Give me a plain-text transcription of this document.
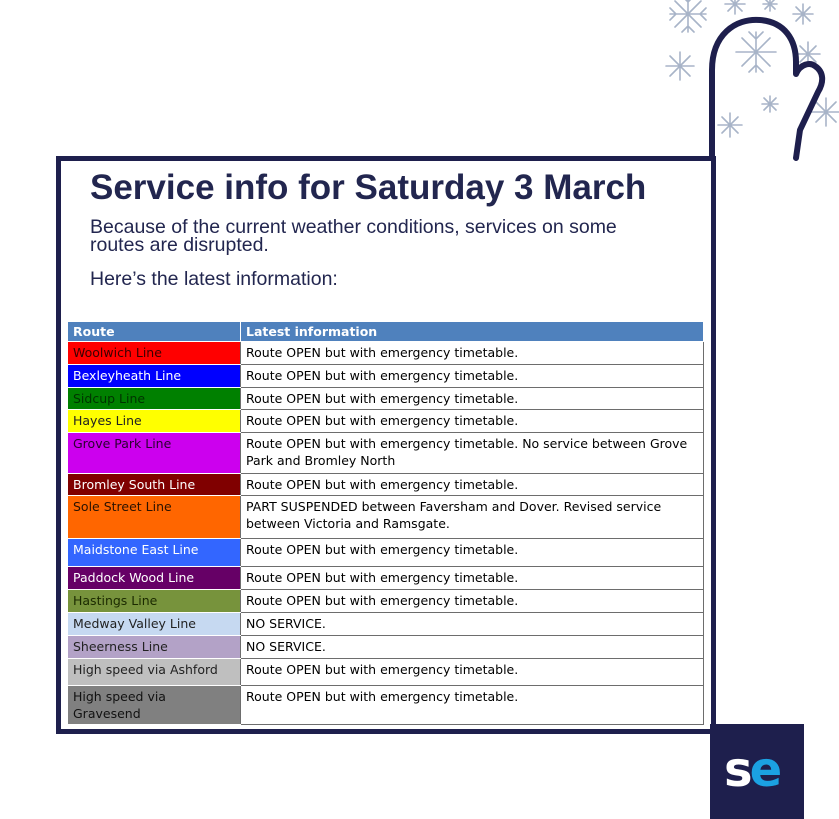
Service info for Saturday 3 March
Because of the current weather conditions, services on some routes are disrupted.
Here’s the latest information:
Route	Latest information
Woolwich Line	Route OPEN but with emergency timetable.
Bexleyheath Line	Route OPEN but with emergency timetable.
Sidcup Line	Route OPEN but with emergency timetable.
Hayes Line	Route OPEN but with emergency timetable.
Grove Park Line	Route OPEN but with emergency timetable. No service between Grove Park and Bromley North
Bromley South Line	Route OPEN but with emergency timetable.
Sole Street Line	PART SUSPENDED between Faversham and Dover. Revised service between Victoria and Ramsgate.
Maidstone East Line	Route OPEN but with emergency timetable.
Paddock Wood Line	Route OPEN but with emergency timetable.
Hastings Line	Route OPEN but with emergency timetable.
Medway Valley Line	NO SERVICE.
Sheerness Line	NO SERVICE.
High speed via Ashford	Route OPEN but with emergency timetable.
High speed via Gravesend	Route OPEN but with emergency timetable.
se
